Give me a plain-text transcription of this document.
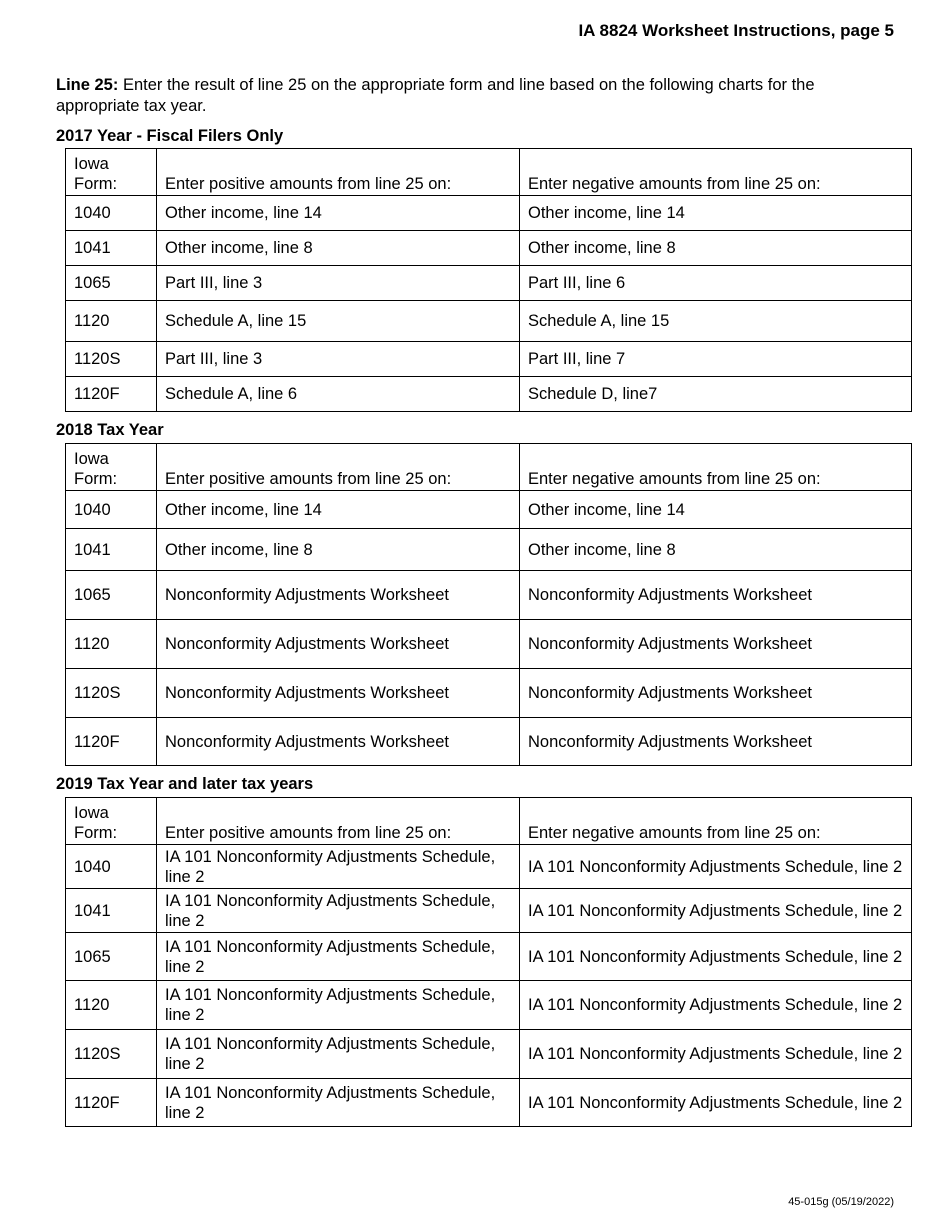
IA 8824 Worksheet Instructions, page 5

Line 25: Enter the result of line 25 on the appropriate form and line based on the following charts for the appropriate tax year.

2017 Year - Fiscal Filers Only
Iowa Form:	Enter positive amounts from line 25 on:	Enter negative amounts from line 25 on:
1040	Other income, line 14	Other income, line 14
1041	Other income, line 8	Other income, line 8
1065	Part III, line 3	Part III, line 6
1120	Schedule A, line 15	Schedule A, line 15
1120S	Part III, line 3	Part III, line 7
1120F	Schedule A, line 6	Schedule D, line7
2018 Tax Year
Iowa Form:	Enter positive amounts from line 25 on:	Enter negative amounts from line 25 on:
1040	Other income, line 14	Other income, line 14
1041	Other income, line 8	Other income, line 8
1065	Nonconformity Adjustments Worksheet	Nonconformity Adjustments Worksheet
1120	Nonconformity Adjustments Worksheet	Nonconformity Adjustments Worksheet
1120S	Nonconformity Adjustments Worksheet	Nonconformity Adjustments Worksheet
1120F	Nonconformity Adjustments Worksheet	Nonconformity Adjustments Worksheet
2019 Tax Year and later tax years
Iowa Form:	Enter positive amounts from line 25 on:	Enter negative amounts from line 25 on:
1040	IA 101 Nonconformity Adjustments Schedule, line 2	IA 101 Nonconformity Adjustments Schedule, line 2
1041	IA 101 Nonconformity Adjustments Schedule, line 2	IA 101 Nonconformity Adjustments Schedule, line 2
1065	IA 101 Nonconformity Adjustments Schedule, line 2	IA 101 Nonconformity Adjustments Schedule, line 2
1120	IA 101 Nonconformity Adjustments Schedule, line 2	IA 101 Nonconformity Adjustments Schedule, line 2
1120S	IA 101 Nonconformity Adjustments Schedule, line 2	IA 101 Nonconformity Adjustments Schedule, line 2
1120F	IA 101 Nonconformity Adjustments Schedule, line 2	IA 101 Nonconformity Adjustments Schedule, line 2

45-015g (05/19/2022)
